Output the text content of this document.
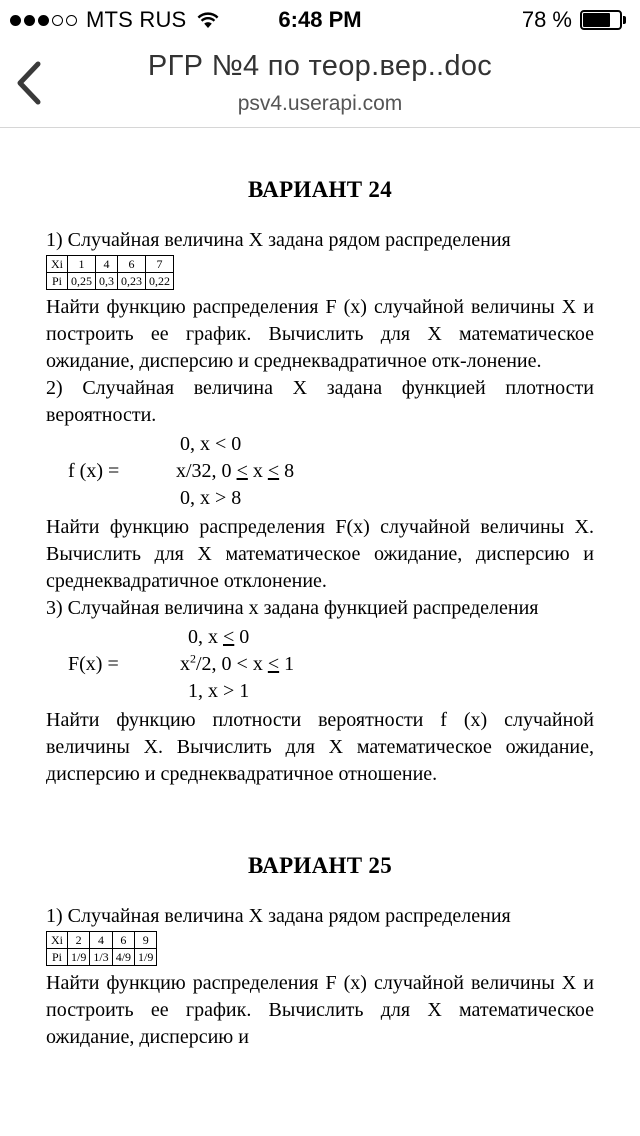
MTS RUS	6:48 PM	78 %
РГР №4 по теор.вер..doc
psv4.userapi.com
ВАРИАНТ 24

1) Случайная величина X задана рядом распределения

Xi	1	4	6	7
Pi	0,25	0,3	0,23	0,22

Найти функцию распределения F (x) случайной величины X и построить ее график. Вычислить для X математическое ожидание, дисперсию и среднеквадратичное отк-лонение.

2) Случайная величина X задана функцией плотности вероятности.

f (x) =
0, x < 0
x/32, 0 ≤ x ≤ 8
0, x > 8

Найти функцию распределения F(x) случайной величины X. Вычислить для X математическое ожидание, дисперсию и среднеквадратичное отклонение.

3) Случайная величина x задана функцией распределения

F(x) =
0, x ≤ 0
$x^2/2$, 0 < x ≤ 1
1, x > 1

Найти функцию плотности вероятности f (x) случайной величины X. Вычислить для X математическое ожидание, дисперсию и среднеквадратичное отношение.

ВАРИАНТ 25

1) Случайная величина X задана рядом распределения

Xi	2	4	6	9
Pi	1/9	1/3	4/9	1/9

Найти функцию распределения F (x) случайной величины X и построить ее график. Вычислить для X математическое ожидание, дисперсию и
